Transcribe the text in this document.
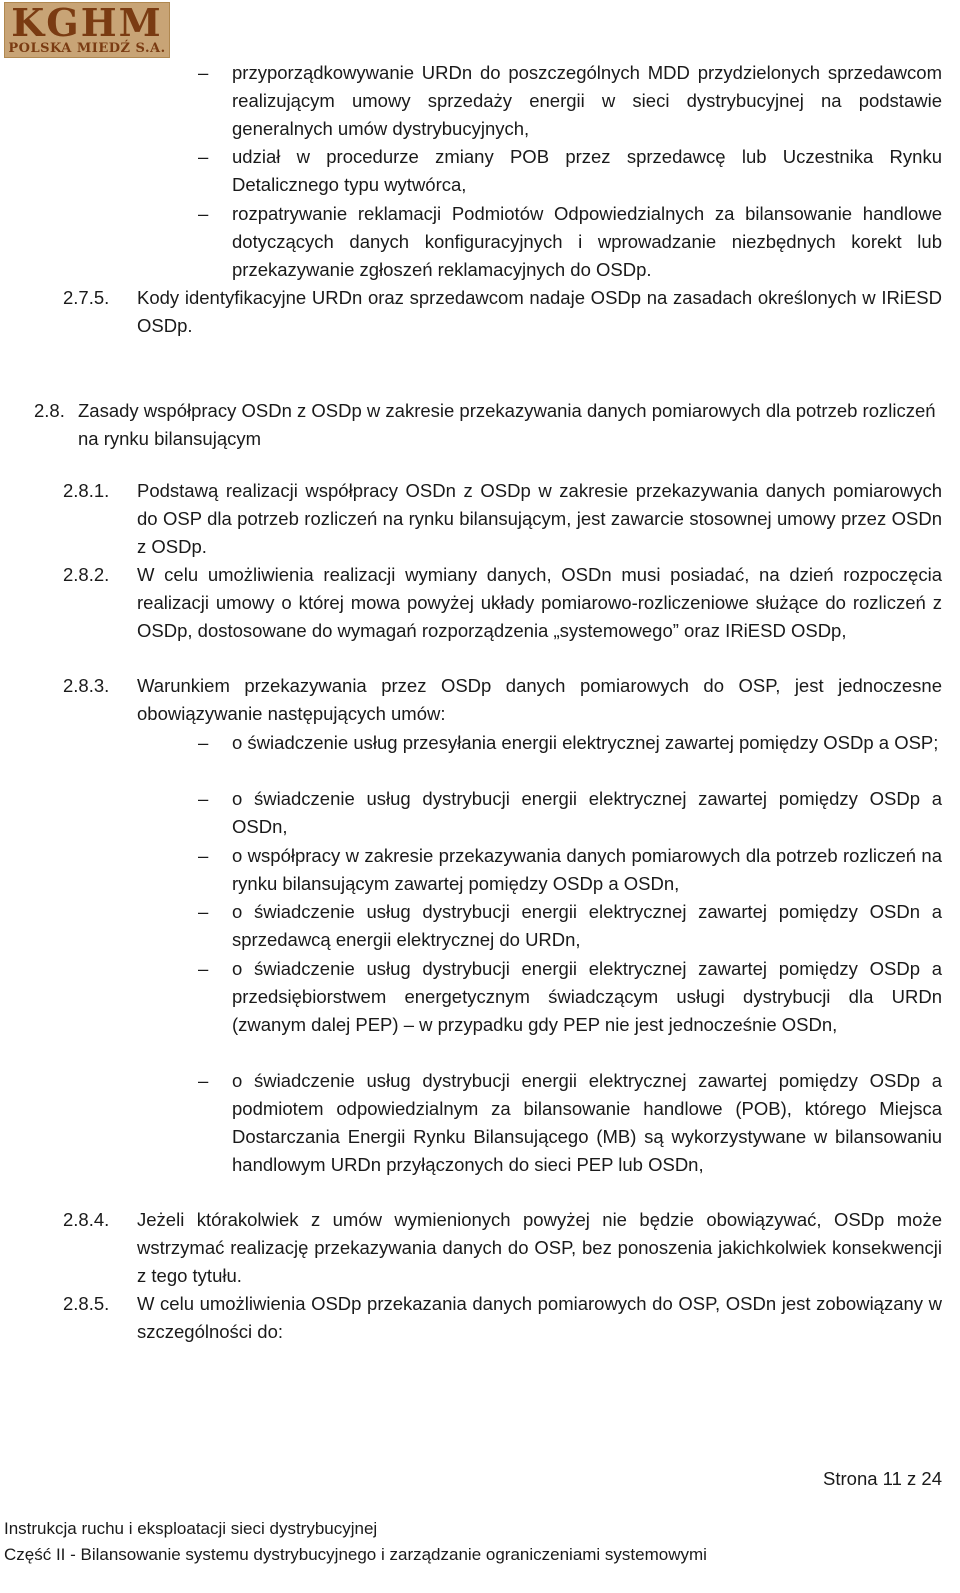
KGHM
POLSKA MIEDŹ S.A.
–	przyporządkowywanie URDn do poszczególnych MDD przydzielonych sprzedawcom realizującym umowy sprzedaży energii w sieci dystrybucyjnej na podstawie generalnych umów dystrybucyjnych,
–	udział w procedurze zmiany POB przez sprzedawcę lub Uczestnika Rynku Detalicznego typu wytwórca,
–	rozpatrywanie reklamacji Podmiotów Odpowiedzialnych za bilansowanie handlowe dotyczących danych konfiguracyjnych i wprowadzanie niezbędnych korekt lub przekazywanie zgłoszeń reklamacyjnych do OSDp.
2.7.5. Kody identyfikacyjne URDn oraz sprzedawcom nadaje OSDp na zasadach określonych w IRiESD OSDp.
2.8. Zasady współpracy OSDn z OSDp w zakresie przekazywania danych pomiarowych dla potrzeb rozliczeń na rynku bilansującym
2.8.1. Podstawą realizacji współpracy OSDn z OSDp w zakresie przekazywania danych pomiarowych do OSP dla potrzeb rozliczeń na rynku bilansującym, jest zawarcie stosownej umowy przez OSDn z OSDp.
2.8.2. W celu umożliwienia realizacji wymiany danych, OSDn musi posiadać, na dzień rozpoczęcia realizacji umowy o której mowa powyżej układy pomiarowo-rozliczeniowe służące do rozliczeń z OSDp, dostosowane do wymagań rozporządzenia „systemowego” oraz IRiESD OSDp,
2.8.3. Warunkiem przekazywania przez OSDp danych pomiarowych do OSP, jest jednoczesne obowiązywanie następujących umów:
–	o świadczenie usług przesyłania energii elektrycznej zawartej pomiędzy OSDp a OSP;
–	o świadczenie usług dystrybucji energii elektrycznej zawartej pomiędzy OSDp a OSDn,
–	o współpracy w zakresie przekazywania danych pomiarowych dla potrzeb rozliczeń na rynku bilansującym zawartej pomiędzy OSDp a OSDn,
–	o świadczenie usług dystrybucji energii elektrycznej zawartej pomiędzy OSDn a sprzedawcą energii elektrycznej do URDn,
–	o świadczenie usług dystrybucji energii elektrycznej zawartej pomiędzy OSDp a przedsiębiorstwem energetycznym świadczącym usługi dystrybucji dla URDn (zwanym dalej PEP) – w przypadku gdy PEP nie jest jednocześnie OSDn,
–	o świadczenie usług dystrybucji energii elektrycznej zawartej pomiędzy OSDp a podmiotem odpowiedzialnym za bilansowanie handlowe (POB), którego Miejsca Dostarczania Energii Rynku Bilansującego (MB) są wykorzystywane w bilansowaniu handlowym URDn przyłączonych do sieci PEP lub OSDn,
2.8.4. Jeżeli którakolwiek z umów wymienionych powyżej nie będzie obowiązywać, OSDp może wstrzymać realizację przekazywania danych do OSP, bez ponoszenia jakichkolwiek konsekwencji z tego tytułu.
2.8.5. W celu umożliwienia OSDp przekazania danych pomiarowych do OSP, OSDn jest zobowiązany w szczególności do:
Strona 11 z 24
Instrukcja ruchu i eksploatacji sieci dystrybucyjnej
Część II - Bilansowanie systemu dystrybucyjnego i zarządzanie ograniczeniami systemowymi
